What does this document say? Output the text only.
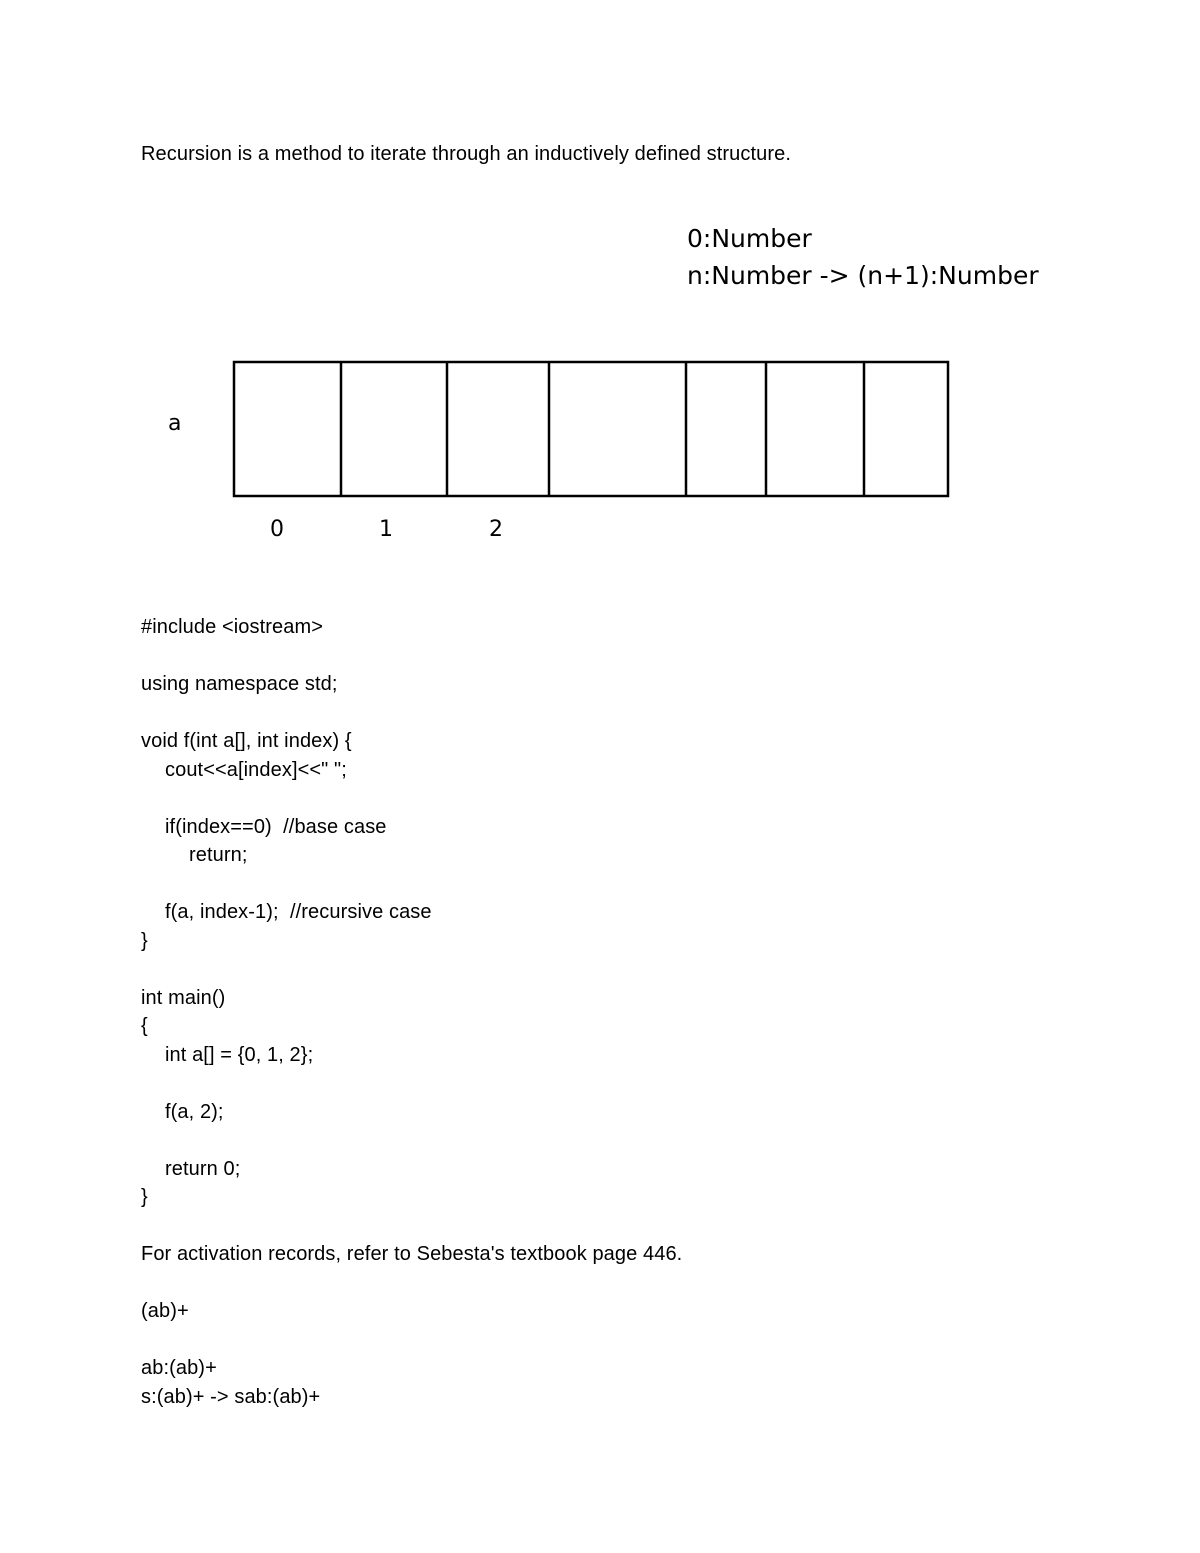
Recursion is a method to iterate through an inductively defined structure.
0:Number
n:Number -> (n+1):Number
a
0	1	2
#include <iostream>
using namespace std;
void f(int a[], int index) {
cout<<a[index]<<" ";
if(index==0)  //base case
return;
f(a, index-1);  //recursive case
}
int main()
{
int a[] = {0, 1, 2};
f(a, 2);
return 0;
}
For activation records, refer to Sebesta's textbook page 446.
(ab)+
ab:(ab)+
s:(ab)+ -> sab:(ab)+
